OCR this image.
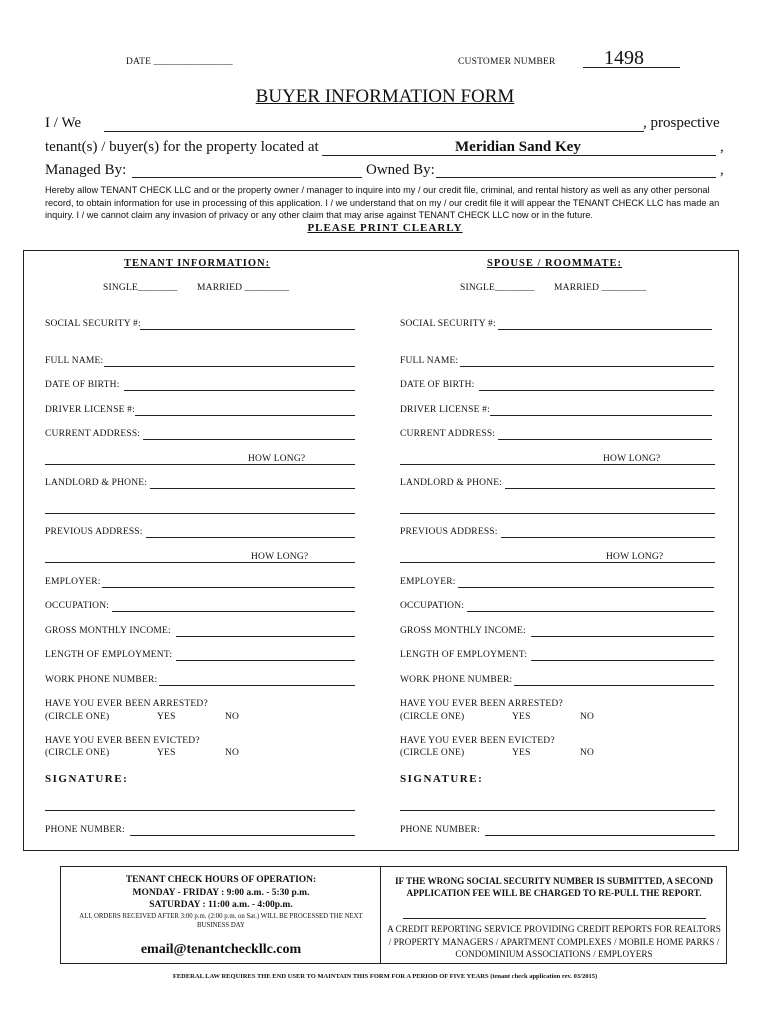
DATE ________________	CUSTOMER NUMBER 1498
BUYER INFORMATION FORM
I / We	, prospective
tenant(s) / buyer(s) for the property located at	Meridian Sand Key	,
Managed By:	Owned By:	,
Hereby allow TENANT CHECK LLC and or the property owner / manager to inquire into my / our credit file, criminal, and rental history as well as any other personal record, to obtain information for use in processing of this application. I / we understand that on my / our credit file it will appear the TENANT CHECK LLC has made an inquiry. I / we cannot claim any invasion of privacy or any other claim that may arise against TENANT CHECK LLC now or in the future.
PLEASE PRINT CLEARLY
TENANT INFORMATION:
SINGLE________ MARRIED _________
SOCIAL SECURITY #:
FULL NAME:
DATE OF BIRTH:
DRIVER LICENSE #:
CURRENT ADDRESS:
HOW LONG?
LANDLORD & PHONE:
PREVIOUS ADDRESS:
HOW LONG?
EMPLOYER:
OCCUPATION:
GROSS MONTHLY INCOME:
LENGTH OF EMPLOYMENT:
WORK PHONE NUMBER:
HAVE YOU EVER BEEN ARRESTED?
(CIRCLE ONE)	YES	NO
HAVE YOU EVER BEEN EVICTED?
(CIRCLE ONE)	YES	NO
SIGNATURE:
PHONE NUMBER:
SPOUSE / ROOMMATE:
SINGLE________ MARRIED _________
SOCIAL SECURITY #:
FULL NAME:
DATE OF BIRTH:
DRIVER LICENSE #:
CURRENT ADDRESS:
HOW LONG?
LANDLORD & PHONE:
PREVIOUS ADDRESS:
HOW LONG?
EMPLOYER:
OCCUPATION:
GROSS MONTHLY INCOME:
LENGTH OF EMPLOYMENT:
WORK PHONE NUMBER:
HAVE YOU EVER BEEN ARRESTED?
(CIRCLE ONE)	YES	NO
HAVE YOU EVER BEEN EVICTED?
(CIRCLE ONE)	YES	NO
SIGNATURE:
PHONE NUMBER:
TENANT CHECK HOURS OF OPERATION:
MONDAY - FRIDAY : 9:00 a.m. - 5:30 p.m.
SATURDAY : 11:00 a.m. - 4:00p.m.
ALL ORDERS RECEIVED AFTER 3:00 p.m. (2:00 p.m. on Sat.) WILL BE PROCESSED THE NEXT BUSINESS DAY
email@tenantcheckllc.com
IF THE WRONG SOCIAL SECURITY NUMBER IS SUBMITTED, A SECOND APPLICATION FEE WILL BE CHARGED TO RE-PULL THE REPORT.
A CREDIT REPORTING SERVICE PROVIDING CREDIT REPORTS FOR REALTORS / PROPERTY MANAGERS / APARTMENT COMPLEXES / MOBILE HOME PARKS / CONDOMINIUM ASSOCIATIONS / EMPLOYERS
FEDERAL LAW REQUIRES THE END USER TO MAINTAIN THIS FORM FOR A PERIOD OF FIVE YEARS (tenant check application rev. 03/2015)
